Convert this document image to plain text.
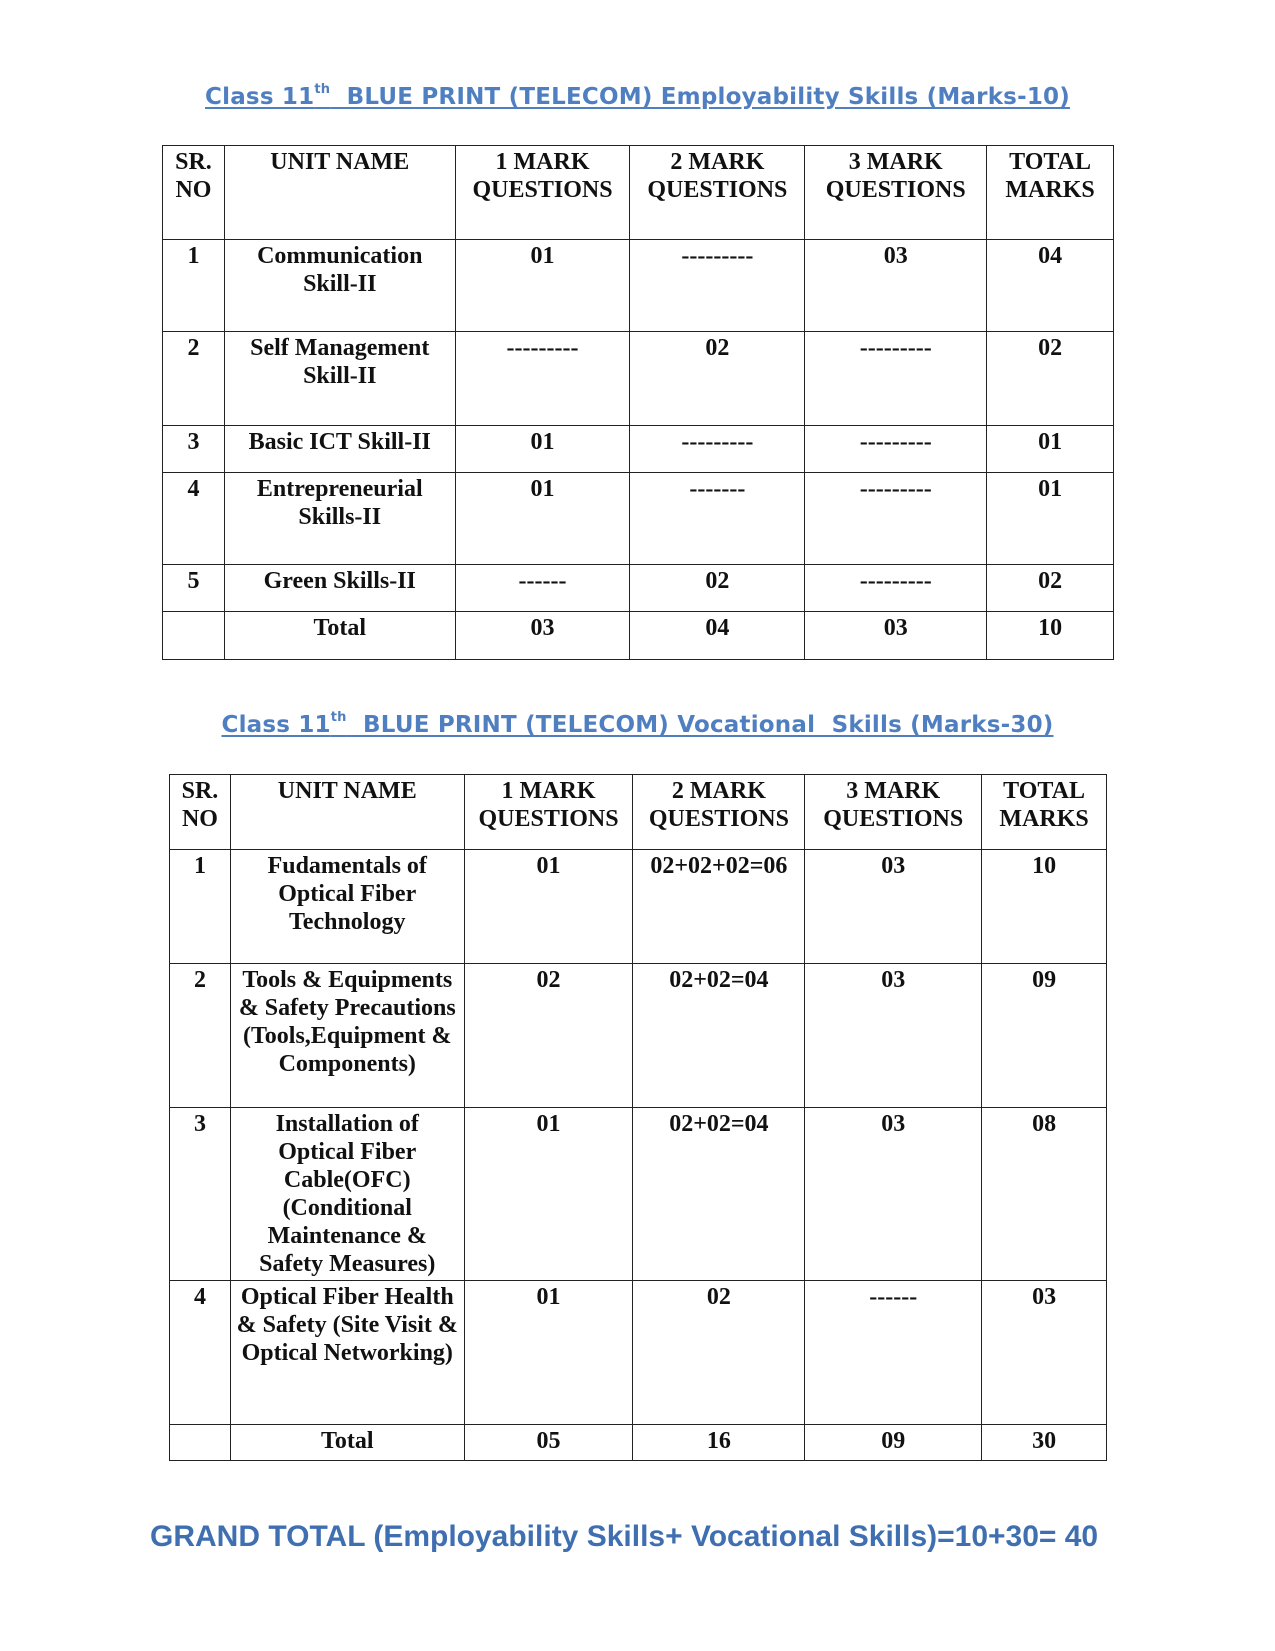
Class 11th  BLUE PRINT (TELECOM) Employability Skills (Marks-10)
SR. NO	UNIT NAME	1 MARK QUESTIONS	2 MARK QUESTIONS	3 MARK QUESTIONS	TOTAL MARKS
1	Communication Skill-II	01	---------	03	04
2	Self Management Skill-II	---------	02	---------	02
3	Basic ICT Skill-II	01	---------	---------	01
4	Entrepreneurial Skills-II	01	-------	---------	01
5	Green Skills-II	------	02	---------	02
	Total	03	04	03	10
Class 11th  BLUE PRINT (TELECOM) Vocational  Skills (Marks-30)
SR. NO	UNIT NAME	1 MARK QUESTIONS	2 MARK QUESTIONS	3 MARK QUESTIONS	TOTAL MARKS
1	Fudamentals of Optical Fiber Technology	01	02+02+02=06	03	10
2	Tools & Equipments & Safety Precautions (Tools,Equipment & Components)	02	02+02=04	03	09
3	Installation of Optical Fiber Cable(OFC) (Conditional Maintenance & Safety Measures)	01	02+02=04	03	08
4	Optical Fiber Health & Safety (Site Visit & Optical Networking)	01	02	------	03
	Total	05	16	09	30
GRAND TOTAL (Employability Skills+ Vocational Skills)=10+30= 40
